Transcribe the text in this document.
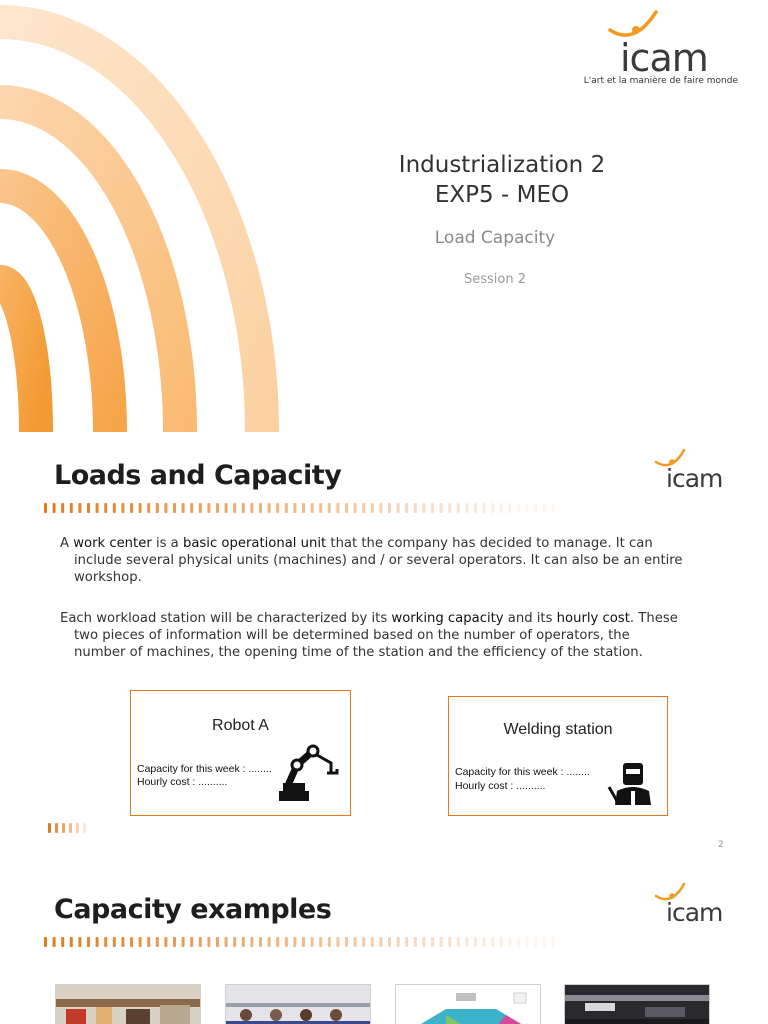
icam
L'art et la manière de faire monde
Industrialization 2
EXP5 - MEO
Load Capacity
Session 2
Loads and Capacity	icam
A work center is a basic operational unit that the company has decided to manage. It can
include several physical units (machines) and / or several operators. It can also be an entire
workshop.
Each workload station will be characterized by its working capacity and its hourly cost. These
two pieces of information will be determined based on the number of operators, the
number of machines, the opening time of the station and the efficiency of the station.
Robot A
Capacity for this week : ........
Hourly cost : ..........
Welding station
Capacity for this week : ........
Hourly cost : ..........
2
Capacity examples	icam
